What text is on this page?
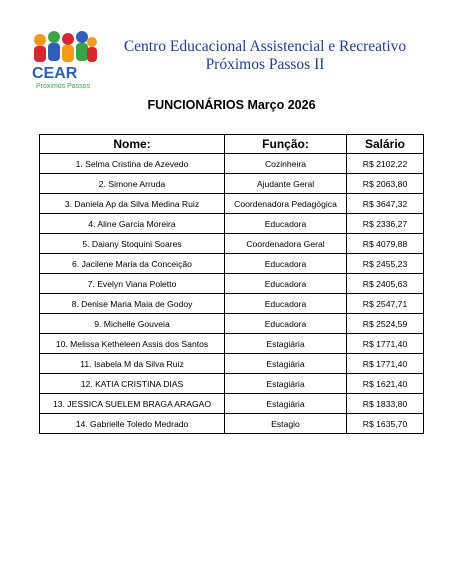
CEAR
Próximos Passos
Centro Educacional Assistencial e Recreativo
Próximos Passos II
FUNCIONÁRIOS Março 2026
Nome:	Função:	Salário
1. Selma Cristina de Azevedo	Cozinheira	R$ 2102,22
2. Simone Arruda	Ajudante Geral	R$ 2063,80
3. Daniela Ap da Silva Medina Ruiz	Coordenadora Pedagógica	R$ 3647,32
4. Aline Garcia Moreira	Educadora	R$ 2336,27
5. Daiany Stoquini Soares	Coordenadora Geral	R$ 4079,88
6. Jacilene Maria da Conceição	Educadora	R$ 2455,23
7. Evelyn Viana Poletto	Educadora	R$ 2405,63
8. Denise Maria Maia de Godoy	Educadora	R$ 2547,71
9. Michelle Gouveia	Educadora	R$ 2524,59
10. Melissa Ketheleen Assis dos Santos	Estagiária	R$ 1771,40
11. Isabela M da Silva Ruiz	Estagiária	R$ 1771,40
12. KATIA CRISTINA DIAS	Estagiária	R$ 1621,40
13. JESSICA SUELEM BRAGA ARAGAO	Estagiária	R$ 1833,80
14. Gabrielle Toledo Medrado	Estagio	R$ 1635,70
